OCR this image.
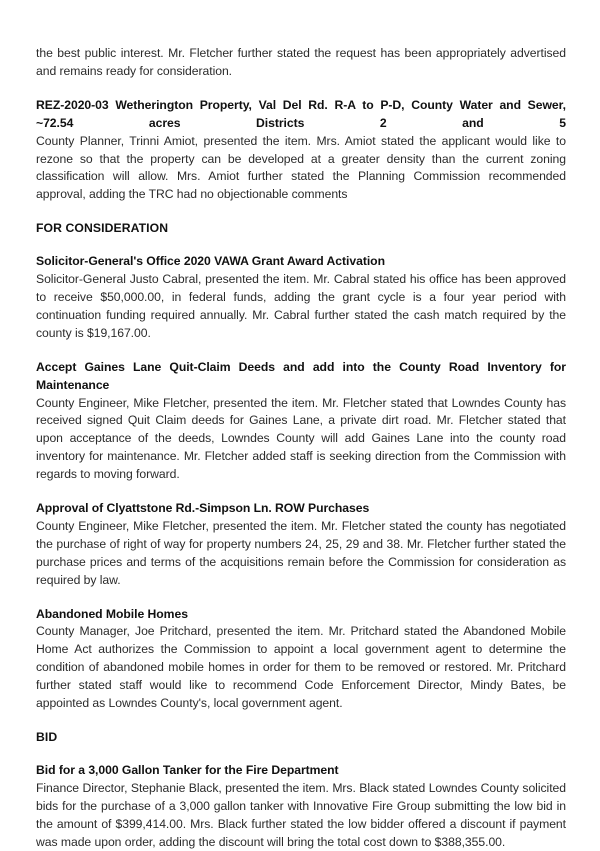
the best public interest. Mr. Fletcher further stated the request has been appropriately advertised and remains ready for consideration.

REZ-2020-03 Wetherington Property, Val Del Rd. R-A to P-D, County Water and Sewer, ~72.54 acres Districts 2 and 5

County Planner, Trinni Amiot, presented the item. Mrs. Amiot stated the applicant would like to rezone so that the property can be developed at a greater density than the current zoning classification will allow. Mrs. Amiot further stated the Planning Commission recommended approval, adding the TRC had no objectionable comments

FOR CONSIDERATION

Solicitor-General's Office 2020 VAWA Grant Award Activation

Solicitor-General Justo Cabral, presented the item. Mr. Cabral stated his office has been approved to receive $50,000.00, in federal funds, adding the grant cycle is a four year period with continuation funding required annually. Mr. Cabral further stated the cash match required by the county is $19,167.00.

Accept Gaines Lane Quit-Claim Deeds and add into the County Road Inventory for Maintenance

County Engineer, Mike Fletcher, presented the item. Mr. Fletcher stated that Lowndes County has received signed Quit Claim deeds for Gaines Lane, a private dirt road. Mr. Fletcher stated that upon acceptance of the deeds, Lowndes County will add Gaines Lane into the county road inventory for maintenance. Mr. Fletcher added staff is seeking direction from the Commission with regards to moving forward.

Approval of Clyattstone Rd.-Simpson Ln. ROW Purchases

County Engineer, Mike Fletcher, presented the item. Mr. Fletcher stated the county has negotiated the purchase of right of way for property numbers 24, 25, 29 and 38. Mr. Fletcher further stated the purchase prices and terms of the acquisitions remain before the Commission for consideration as required by law.

Abandoned Mobile Homes

County Manager, Joe Pritchard, presented the item. Mr. Pritchard stated the Abandoned Mobile Home Act authorizes the Commission to appoint a local government agent to determine the condition of abandoned mobile homes in order for them to be removed or restored. Mr. Pritchard further stated staff would like to recommend Code Enforcement Director, Mindy Bates, be appointed as Lowndes County's, local government agent.

BID

Bid for a 3,000 Gallon Tanker for the Fire Department

Finance Director, Stephanie Black, presented the item. Mrs. Black stated Lowndes County solicited bids for the purchase of a 3,000 gallon tanker with Innovative Fire Group submitting the low bid in the amount of $399,414.00. Mrs. Black further stated the low bidder offered a discount if payment was made upon order, adding the discount will bring the total cost down to $388,355.00.
